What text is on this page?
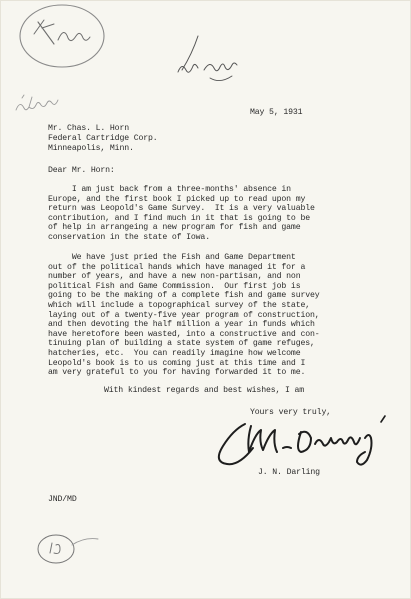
May 5, 1931
Mr. Chas. L. Horn
Federal Cartridge Corp.
Minneapolis, Minn.
Dear Mr. Horn:
I am just back from a three-months' absence in
Europe, and the first book I picked up to read upon my
return was Leopold's Game Survey.  It is a very valuable
contribution, and I find much in it that is going to be
of help in arrangeing a new program for fish and game
conservation in the state of Iowa.
We have just pried the Fish and Game Department
out of the political hands which have managed it for a
number of years, and have a new non-partisan, and non
political Fish and Game Commission.  Our first job is
going to be the making of a complete fish and game survey
which will include a topographical survey of the state,
laying out of a twenty-five year program of construction,
and then devoting the half million a year in funds which
have heretofore been wasted, into a constructive and con-
tinuing plan of building a state system of game refuges,
hatcheries, etc.  You can readily imagine how welcome
Leopold's book is to us coming just at this time and I
am very grateful to you for having forwarded it to me.
With kindest regards and best wishes, I am
Yours very truly,
J. N. Darling
JND/MD
